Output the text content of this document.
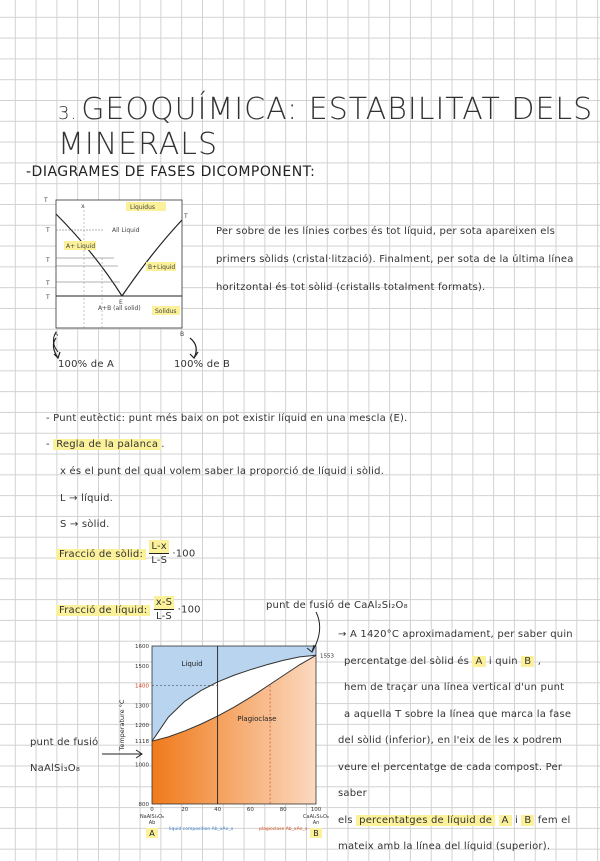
3. GEOQUÍMICA: ESTABILITAT DELS MINERALS
-DIAGRAMES DE FASES DICOMPONENT:
Liquidus
All Liquid
A+ Liquid
B+Liquid
A+B (all solid) Solidus
T
T
T
T
T
T
x
E
A	B
100% de A	100% de B
Per sobre de les línies corbes és tot líquid, per sota apareixen els primers sòlids (cristal·lització). Finalment, per sota de la última línea horitzontal és tot sòlid (cristalls totalment formats).
- Punt eutèctic: punt més baix on pot existir líquid en una mescla (E).
- Regla de la palanca .
x és el punt del qual volem saber la proporció de líquid i sòlid.
L → líquid.
S → sòlid.
Fracció de sòlid: $\frac{L-x}{L-S} \cdot 100$
Fracció de líquid: $\frac{x-S}{L-S} \cdot 100$	punt de fusió de CaAl₂Si₂O₈
punt de fusió
NaAlSi₃O₈
800
1000
1118
1200
1300
1400
1500
1600
0	20	40	60	80	100
Liquid
Plagioclase
Temperature °C
1553
NaAlSi₃O₈
Ab
CaAl₂Si₂O₈
An
liquid composition Ab_xAn_x	plagioclase Ab_xAn_x
A	B
→ A 1420°C aproximadament, per saber quin
percentatge del sòlid és A i quin B ,
hem de traçar una línea vertical d'un punt
a aquella T sobre la línea que marca la fase
del sòlid (inferior), en l'eix de les x podrem
veure el percentatge de cada compost. Per saber
els percentatges de líquid de A i B fem el
mateix amb la línea del líquid (superior).
